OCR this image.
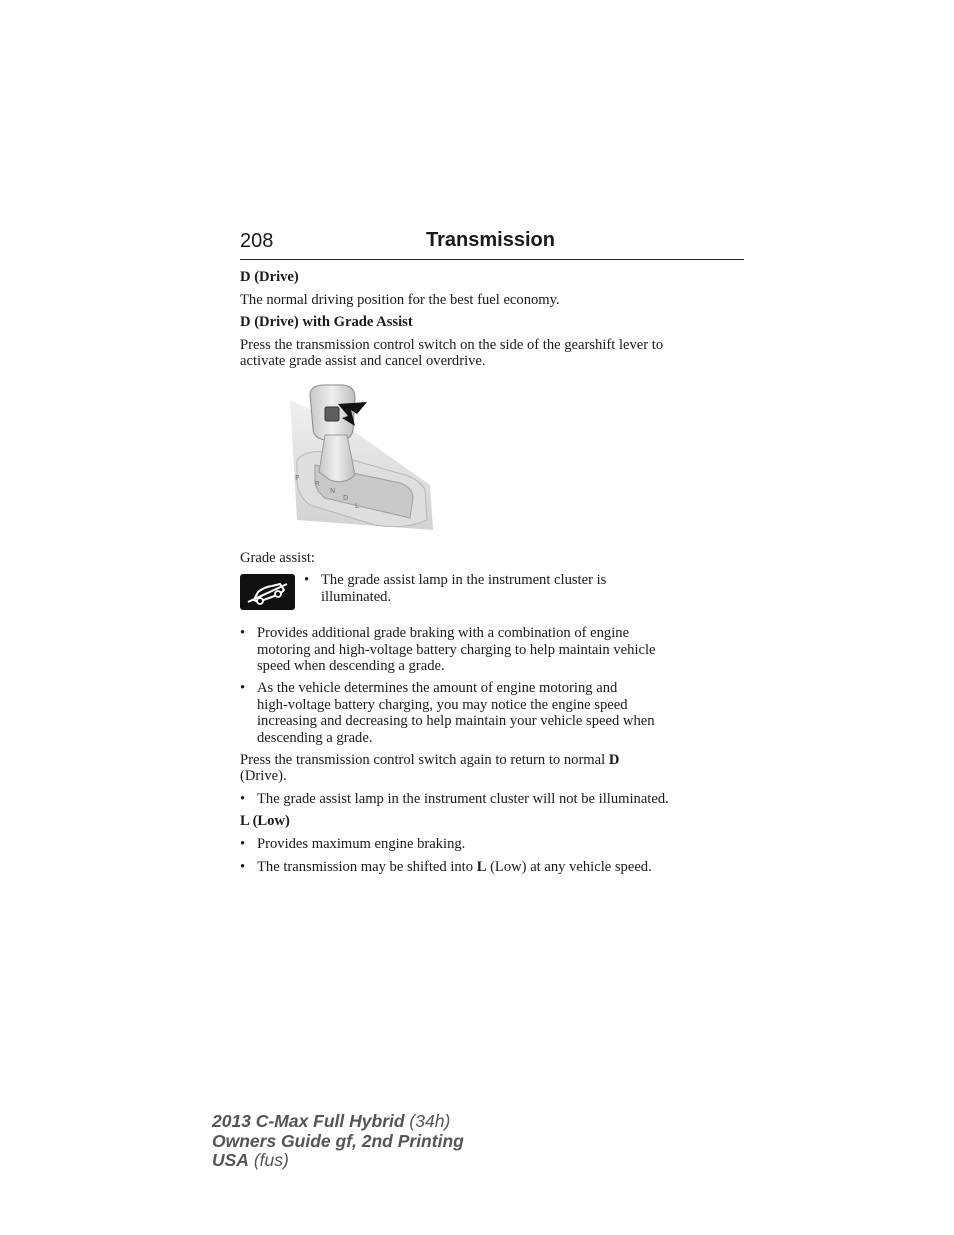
208	Transmission
D (Drive)
The normal driving position for the best fuel economy.
D (Drive) with Grade Assist
Press the transmission control switch on the side of the gearshift lever to
activate grade assist and cancel overdrive.
P
R
N
D
L
Grade assist:
• The grade assist lamp in the instrument cluster is
illuminated.
• Provides additional grade braking with a combination of engine
motoring and high-voltage battery charging to help maintain vehicle
speed when descending a grade.
• As the vehicle determines the amount of engine motoring and
high-voltage battery charging, you may notice the engine speed
increasing and decreasing to help maintain your vehicle speed when
descending a grade.
Press the transmission control switch again to return to normal D
(Drive).
• The grade assist lamp in the instrument cluster will not be illuminated.
L (Low)
• Provides maximum engine braking.
• The transmission may be shifted into L (Low) at any vehicle speed.
2013 C-Max Full Hybrid (34h)
Owners Guide gf, 2nd Printing
USA (fus)
